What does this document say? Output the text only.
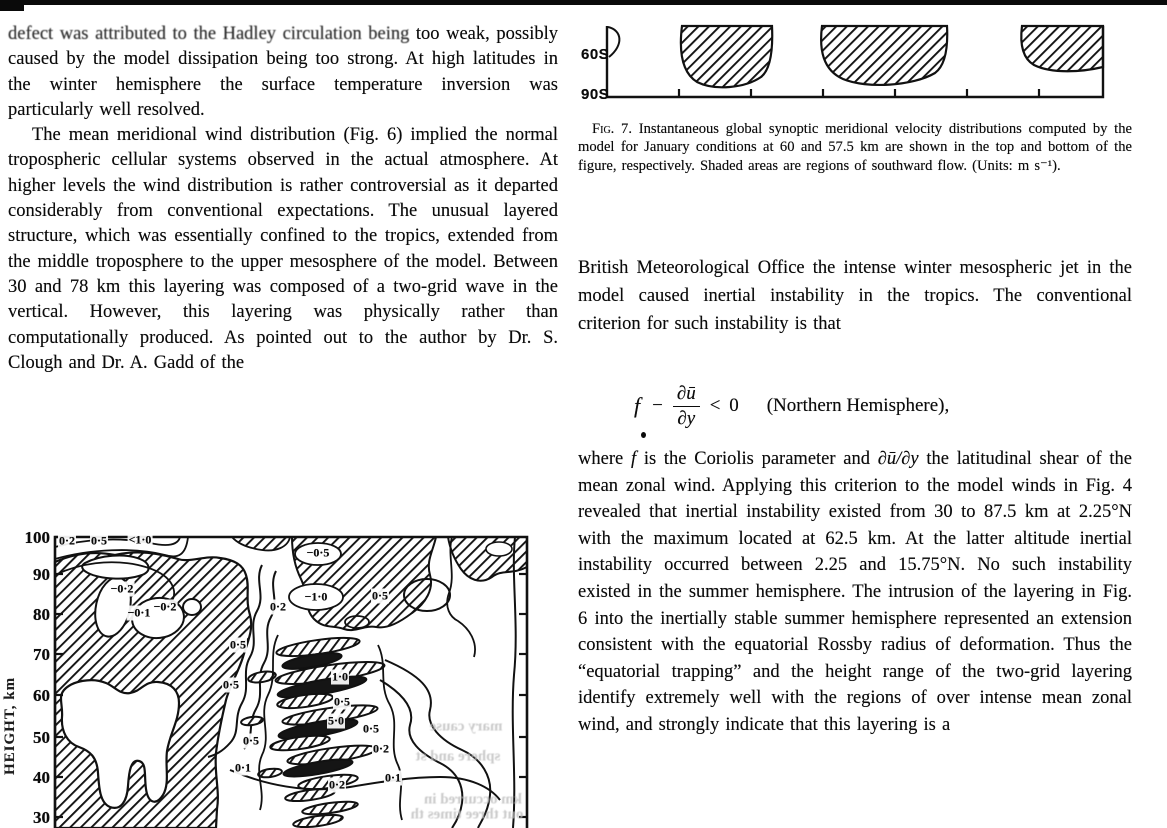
defect was attributed to the Hadley circulation being too weak, possibly caused by the model dissipation being too strong. At high latitudes in the winter hemisphere the surface temperature inversion was particularly well resolved.

The mean meridional wind distribution (Fig. 6) implied the normal tropospheric cellular systems observed in the actual atmosphere. At higher levels the wind distribution is rather controversial as it departed considerably from conventional expectations. The unusual layered structure, which was essentially confined to the tropics, extended from the middle troposphere to the upper mesosphere of the model. Between 30 and 78 km this layering was composed of a two-grid wave in the vertical. However, this layering was physically rather than computationally produced. As pointed out to the author by Dr. S. Clough and Dr. A. Gadd of the

60S
90S

Fig. 7. Instantaneous global synoptic meridional velocity distributions computed by the model for January conditions at 60 and 57.5 km are shown in the top and bottom of the figure, respectively. Shaded areas are regions of southward flow. (Units: m s⁻¹).

British Meteorological Office the intense winter mesospheric jet in the model caused inertial instability in the tropics. The conventional criterion for such instability is that
$f - \frac{\partial ū}{\partial y} < 0$ (Northern Hemisphere),
where f is the Coriolis parameter and ∂ū/∂y the latitudinal shear of the mean zonal wind. Applying this criterion to the model winds in Fig. 4 revealed that inertial instability existed from 30 to 87.5 km at 2.25°N with the maximum located at 62.5 km. At the latter altitude inertial instability occurred between 2.25 and 15.75°N. No such instability existed in the summer hemisphere. The intrusion of the layering in Fig. 6 into the inertially stable summer hemisphere represented an extension consistent with the equatorial Rossby radius of deformation. Thus the “equatorial trapping” and the height range of the two-grid layering identify extremely well with the regions of over intense mean zonal wind, and strongly indicate that this layering is a
HEIGHT, km
100
90
80
70
60
50
40
30
0·2 0·5 <1·0
−0·5
−0·2
−0·1 −0·2	0·2
−1·0	0·5
0·5
0·5
1·0
0·5
5·0
0·5
0·2
0·5
0·1
0·2	0·1
mary cause
sphere and st
km occurred in
out three times th
